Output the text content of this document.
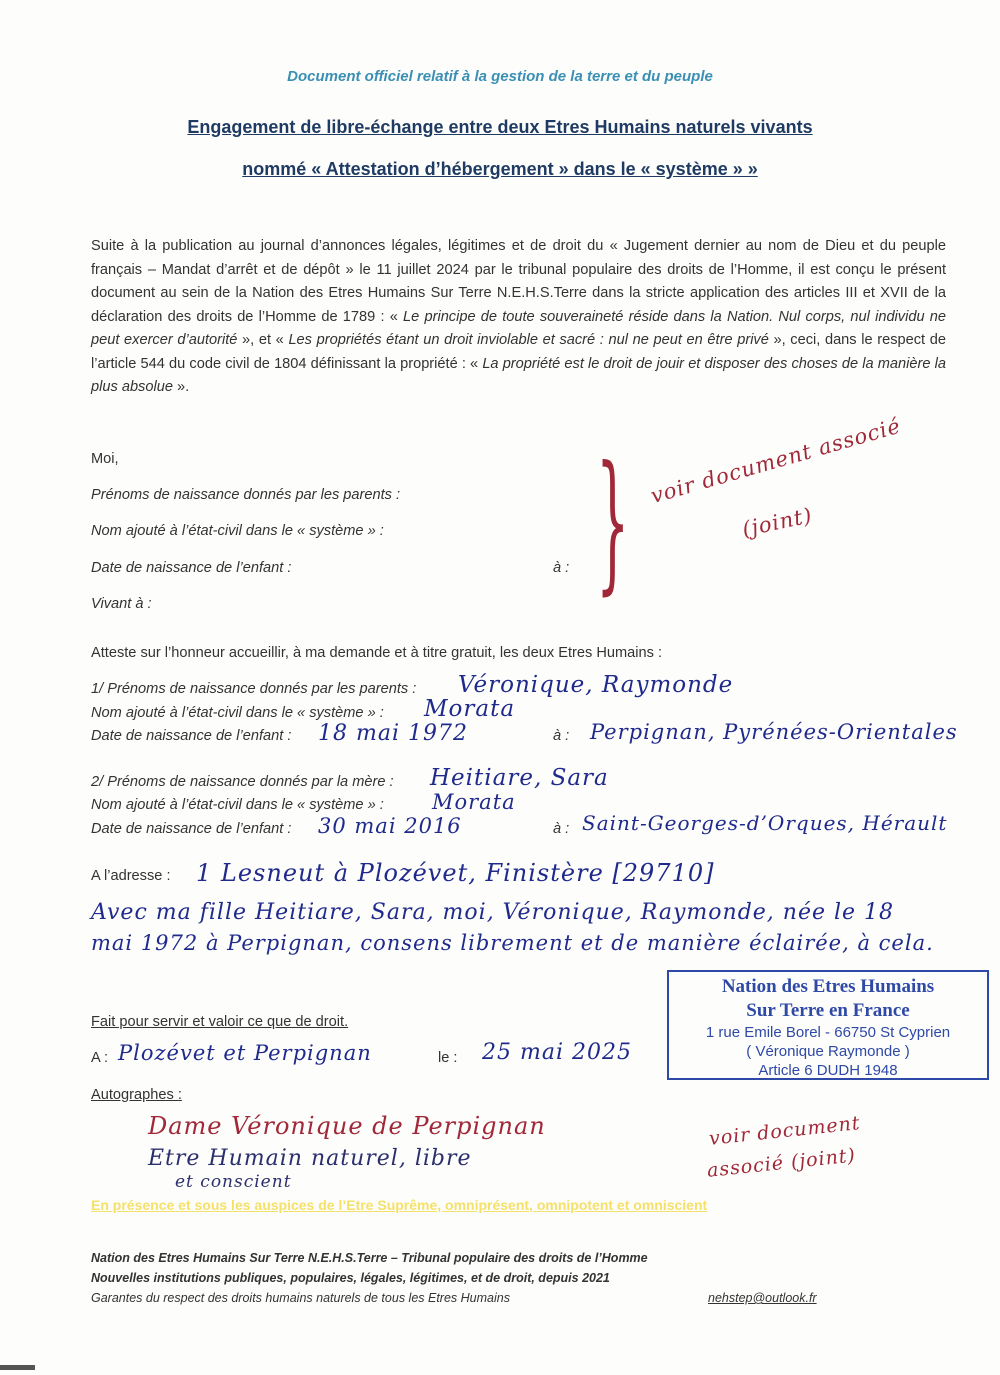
Document officiel relatif à la gestion de la terre et du peuple
Engagement de libre-échange entre deux Etres Humains naturels vivants
nommé « Attestation d’hébergement » dans le « système » »
Suite à la publication au journal d’annonces légales, légitimes et de droit du « Jugement dernier au nom de Dieu et du peuple français – Mandat d’arrêt et de dépôt » le 11 juillet 2024 par le tribunal populaire des droits de l’Homme, il est conçu le présent document au sein de la Nation des Etres Humains Sur Terre N.E.H.S.Terre dans la stricte application des articles III et XVII de la déclaration des droits de l’Homme de 1789 : « Le principe de toute souveraineté réside dans la Nation. Nul corps, nul individu ne peut exercer d’autorité », et « Les propriétés étant un droit inviolable et sacré : nul ne peut en être privé », ceci, dans le respect de l’article 544 du code civil de 1804 définissant la propriété : « La propriété est le droit de jouir et disposer des choses de la manière la plus absolue ».
Moi,
Prénoms de naissance donnés par les parents :
Nom ajouté à l’état-civil dans le « système » :
Date de naissance de l’enfant :	à :
Vivant à :	} voir document associé
(joint)
Atteste sur l’honneur accueillir, à ma demande et à titre gratuit, les deux Etres Humains :
1/ Prénoms de naissance donnés par les parents : Véronique, Raymonde
Nom ajouté à l’état-civil dans le « système » : Morata
Date de naissance de l’enfant : 18 mai 1972	à : Perpignan, Pyrénées-Orientales
2/ Prénoms de naissance donnés par la mère : Heitiare, Sara
Nom ajouté à l’état-civil dans le « système » : Morata
Date de naissance de l’enfant : 30 mai 2016	à : Saint-Georges-d’Orques, Hérault
A l’adresse : 1 Lesneut à Plozévet, Finistère [29710]
Avec ma fille Heitiare, Sara, moi, Véronique, Raymonde, née le 18
mai 1972 à Perpignan, consens librement et de manière éclairée, à cela.
Nation des Etres Humains
Sur Terre en France
1 rue Emile Borel - 66750 St Cyprien
( Véronique Raymonde )
Article 6 DUDH 1948
Fait pour servir et valoir ce que de droit.
A : Plozévet et Perpignan	le : 25 mai 2025
Autographes :
Dame Véronique de Perpignan
Etre Humain naturel, libre
et conscient
voir document
associé (joint)
En présence et sous les auspices de l’Etre Suprême, omniprésent, omnipotent et omniscient
Nation des Etres Humains Sur Terre N.E.H.S.Terre – Tribunal populaire des droits de l’Homme
Nouvelles institutions publiques, populaires, légales, légitimes, et de droit, depuis 2021
Garantes du respect des droits humains naturels de tous les Etres Humains	nehstep@outlook.fr
